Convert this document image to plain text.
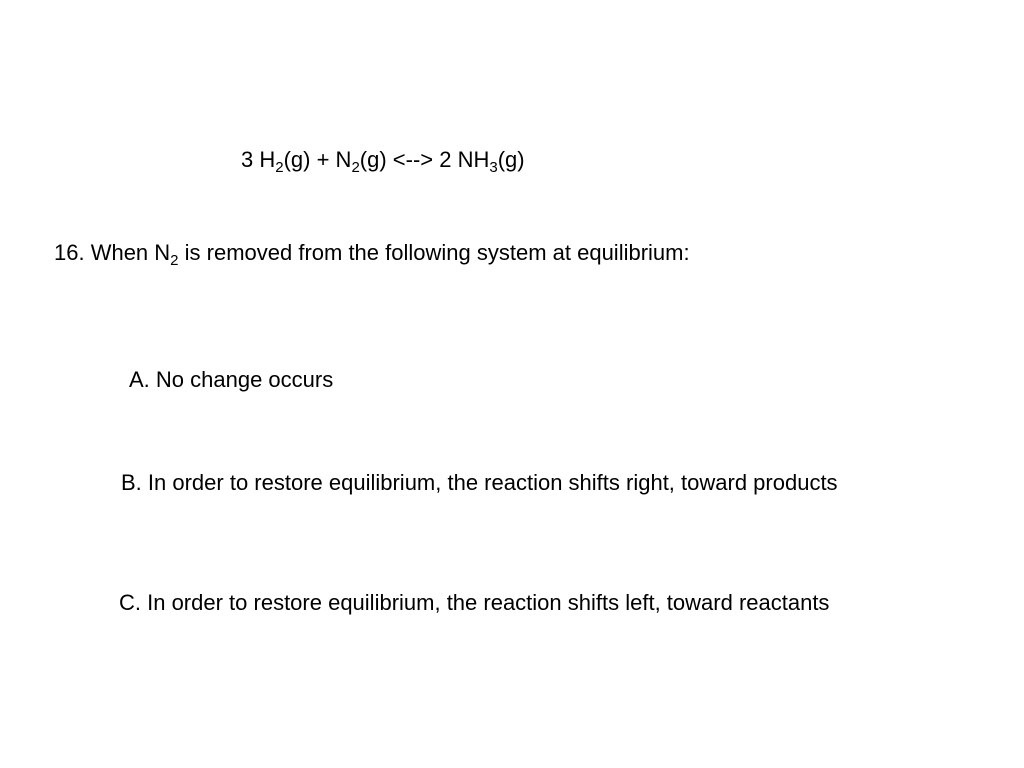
3 $H_2(g) + N_2(g)$ <--> 2 $NH_3(g)$
16. When $N_2$ is removed from the following system at equilibrium:
A. No change occurs
B. In order to restore equilibrium, the reaction shifts right, toward products
C. In order to restore equilibrium, the reaction shifts left, toward reactants
